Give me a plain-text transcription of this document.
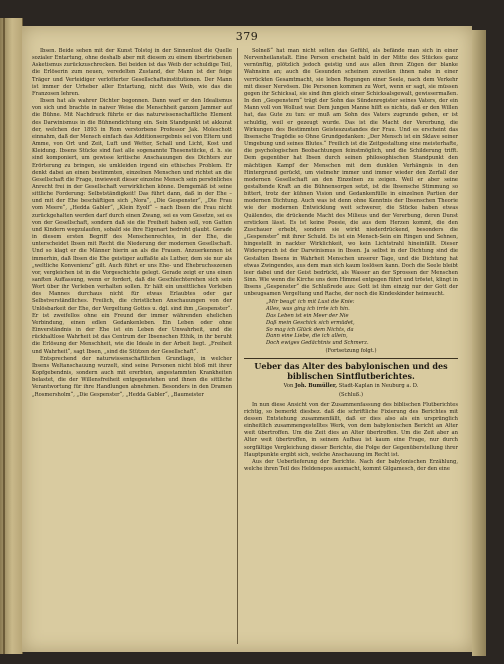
379

Ibsen. Beide sehen mit der Kunst Tolstoj in der Sinnenlust die Quelle sozialer Entartung, ohne deshalb aber mit diesem zu einem übertriebenen Asketismus zurückzuschrecken. Bei beiden ist das Weib der schuldige Teil, die Erlöserin zum neuen, veredelten Zustand, der Mann ist der feige Träger und Verteidiger verlotterter Gesellschaftsinstitutionen. Der Mann ist immer der Urheber aller Entartung, nicht das Weib, wie das die Franzosen lehren.

Ibsen hat als wahrer Dichter begonnen. Dann warf er den Idealismus von sich und brachte in naiver Weise die Menschheit ganzen Jammer auf die Bühne. Mit Nachdruck führte er das naturwissenschaftliche Element des Darwinismus in die Bühnendichtung ein. Sein Standpunkt ist akkurat der, welchen der 1893 in Rom verstorbene Professor Jak. Moleschott einnahm, daß der Mensch einfach das Additionsergebnis sei von Eltern und Amme, von Ort und Zeit, Luft und Wetter, Schall und Licht, Kost und Kleidung. Ibsens Stücke sind fast alle sogenannte Thesenstücke, d. h. sie sind komponiert, um gewisse kritische Anschauungen des Dichters zur Erörterung zu bringen, sie umkleiden irgend ein ethisches Problem. Er denkt dabei an einen bestimmten, einzelnen Menschen und richtet an die Gesellschaft die Frage, inwieweit dieser einzelne Mensch sein persönliches Anrecht frei in der Gesellschaft verwirklichen könne. Demgemäß ist seine sittliche Forderung: Selbstständigkeit! Das führt dann, daß in der Ehe – und mit der Ehe beschäftigen sich „Nora“, „Die Gespenster“, „Die Frau vom Meere“, „Hedda Gabler“, „Klein Eyolf“ – nach Ibsen die Frau nicht zurückgehalten werden darf durch einen Zwang, sei es vom Gesetze, sei es von der Gesellschaft, sondern daß sie die Freiheit haben soll, von Gatten und Kindern wegzulaufen, sobald sie ihre Eigenart bedroht glaubt. Gerade in diesem ersten Begriff des Menschenrechtes, in der Ehe, die unterscheidet Ibsen mit Recht die Niederung der modernen Gesellschaft. Und so klagt er die Männer hierin an als die Frauen. Anzuerkennen ist immerhin, daß Ibsen die Ehe geistiger auffaßte als Luther, dem sie nur als „weltliche Konvenienz“ gilt. Auch führt er uns Ehe- und Ehebruchsszenen vor, vergleichen ist in die Vorgeschichte gelegt. Gerade zeigt er uns einen sanften Auffassung, wenn er fordert, daß die Geschlechterehen sich sein Wort über ihr Verleben verhalten sollen. Er hält ein unsittliches Vorleben des Mannes durchaus nicht für etwas Erlaubtes oder gar Selbstverständliches. Freilich, die christlichen Anschauungen von der Unlösbarkeit der Ehe, der Vergeltung Gottes u. dgl. sind ihm „Gespenster“. Er ist zweifellos ohne ein Freund der immer währenden ehelichen Verbindung, einen edlen Gedankenleben. Ein Leben oder ohne Einverständnis in der Ehe ist ein Leben der Unwahrheit, und die rückhaltlose Wahrheit ist das Centrum der Ibsenschen Ethik, in ihr beruht die Erlösung der Menschheit, wie die Ideale in der Arbeit liegt. „Freiheit und Wahrheit“, sagt Ibsen, „sind die Stützen der Gesellschaft“.

Entsprechend der naturwissenschaftlichen Grundlage, in welcher Ibsens Weltanschauung wurzelt, sind seine Personen nicht bloß mit ihrer Kopfgebendnis, sondern auch mit ererbten, angestammten Krankheiten belastet, die der Willensfreiheit entgegenstehen und ihnen die sittliche Verantwortung für ihre Handlungen abnehmen. Besonders in den Dramen „Rosmersholm“, „Die Gespenster“, „Hedda Gabler“, „Baumeister

Solneß“ hat man nicht selten das Gefühl, als befände man sich in einer Nervenheilanstalt. Eine Person erscheint bald in der Mitte des Stückes ganz vernünftig, plötzlich jedoch geistig und aus allen ihren Zügen der blanke Wahnsinn an; auch die Gesunden scheinen zuweilen ihnen nahe in einer verrückten Gesamtmacht, sie leben Regungen einer Seele, nach dem Verkehr mit dieser Nervösen. Die Personen kommen zu Wort, wenn er sagt, sie müssen gegen ihr Schicksal, sie sind ihm gleich einer Schicksalsgewalt, gewissermaßen. In den „Gespenstern“ trägt der Sohn das Sündenregister seines Vaters, der ein Mann voll von Wollust war. Dem jungen Manne hilft es nichts, daß er den Willen hat, das Gute zu tun: er muß am Sohn des Vaters zugrunde gehen, er ist schuldig, weil er gezeugt wurde. Das ist die Macht der Vererbung, die Wirkungen des Bestimmten Geisteszustandes der Frau. Und es erscheint das Ibsensche Tragödie so Ohne Grundgedanken: „Der Mensch ist ein Sklave seiner Umgebung und seines Blutes.“ Freilich ist die Zeitgestaltung eine meisterhafte, die psychologischen Beobachtungen feinstmöglich, und die Schilderung trifft. Dem gegenüber hat Ibsen durch seinen philosophischen Standpunkt den mächtigen Kampf der Menschen mit dem dunklen Verhängnis in den Hintergrund gerückt, um vielmehr immer und immer wieder den Zerfall der modernen Gesellschaft an den Einzelnen zu zeigen. Weil er aber seine gestaltende Kraft an die Bühnensorgen setzt, ist die Ibsensche Stimmung so bittert, trotz der kühnen Vision und Gedankenfülle in einzelnen Partien der modernen Dichtung. Auch was ist denn ohne Kenntnis der Ibsenschen Theorie wie der modernen Entwicklung weit schwerer, die Stücke haben etwas Quälendes, die drückende Macht des Milieus und der Vererbung, deren Dunst ersticken lässt. Es ist keine Poesie, die aus dem Herzen kommt, die den Zuschauer erhebt, sondern sie wirkt niederdrückend, besonders die „Gespenster“ mit ihrer Schuld. Es ist ein Mensch-Sein ein Ringen und Sehnen, hingestellt in nackter Wirklichkeit, wo kein Lichtstrahl hineinfällt. Dieser Widerspruch ist der Darwinismus in Ibsen. Ja selbst in der Dichtung sind die Gestalten Ibsens in Wahrheit Menschen unserer Tage, und die Dichtung hat etwas Zwingendes, aus dem man sich kaum loslösen kann. Doch die Seele bleibt leer dabei und der Geist bedrückt, als Wasser an der Sprossen der Menschen Sinn. Wie wenn die Kirche uns dem Himmel entgegen führt und tröstet, klingt in Ibsens „Gespenster“ die Schlußrede aus: Gott ist ihm einzig nur der Gott der unbeugsamen Vergeltung und Rache, der noch die Kindeskinder heimsucht.

„Mir beugt' ich mit Lust die Knie:
Alles, was ging ich irrte ich hin.
Das Leben ist ein Meer der Nie
Daß mein Geschick sich ermüdet,
So mag ich Glück dem Nichts, da
Dann eine Liebe, die ich allein,
Doch ewiges Gedächtnis und Schmerz.
(Fortsetzung folgt.)
Ueber das Alter des babylonischen und des biblischen Sintflutberichtes.
Von Joh. Bumüller, Stadt-Kaplan in Neuburg a. D.
(Schluß.)

In nun diese Ansicht von der Zusammenfassung des biblischen Flutberichtes richtig, so bemerkt diesbez. daß die schriftliche Fixierung des Berichtes mit dessen Entstehung zusammenfällt, daß er dies also als ein ursprünglich einheitlich zusammengestelltes Werk, von dem babylonischen Bericht an Alter weit übertroffen. Um die Zeit dies an Alter übertroffen. Um die Zeit aber an Alter weit übertroffen, in seinem Aufbau ist kaum eine Frage, nur durch sorgfältige Vergleichung dieser Berichte, die Folge der Gegenüberstellung ihrer Hauptpunkte ergibt sich, welche Anschauung im Recht ist.

Aus der Ueberlieferung der Berichte. Nach der babylonischen Erzählung, welche ihren Teil des Heldenepos ausmacht, kommt Gilgamesch, der den eine
